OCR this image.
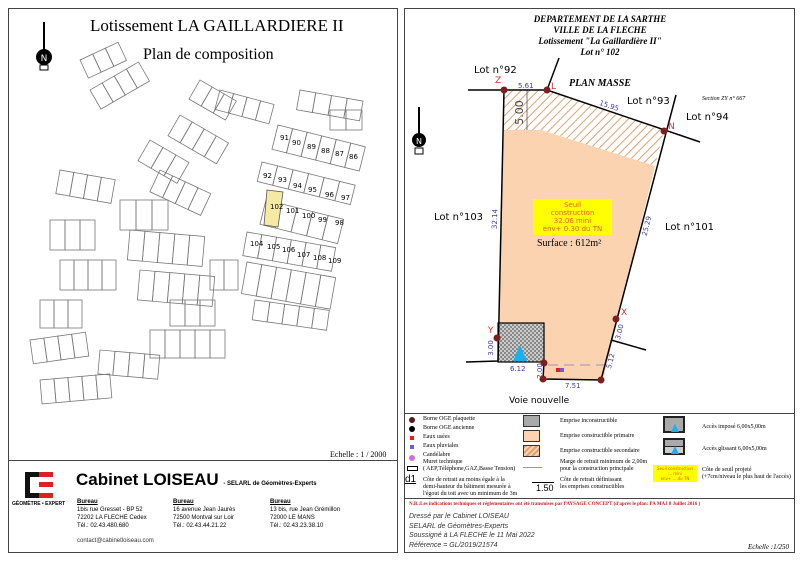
Lotissement LA GAILLARDIERE II
Plan de composition
N
91
90 89 88 87 86
92 93
94 95
96 97
102 101
100 99 98
104 105 106
107 108 109
Echelle : 1 / 2000
GÉOMÈTRE • EXPERT
Cabinet LOISEAU - SELARL de Géomètres-Experts
Bureau
1bis rue Gresset - BP 52
72202 LA FLECHE Cedex
Tél.: 02.43.480.680
Bureau
16 avenue Jean Jaurès
72500 Montval sur Loir
Tél.: 02.43.44.21.22
Bureau
13 bis, rue Jean Grémillon
72000 LE MANS
Tél.: 02.43.23.38.10
contact@cabinetloiseau.com
DEPARTEMENT DE LA SARTHE
VILLE DE LA FLECHE
Lotissement "La Gaillardière II"
Lot n° 102
N
PLAN MASSE
Section ZY n° 667
Lot n°92
Lot n°93
Lot n°94
Lot n°103
Lot n°101
Z
L
N
Y
X
5.61
15.95
5.00
32.14	25.29
3.00
3.00
6.12 2.00
7.51
5.12
Seuil
construction
32.06 mini
env+ 0.30 du TN
Surface : 612m²
Voie nouvelle
Borne OGE plaquette
Borne OGE ancienne
Eaux usées
Eaux pluviales
Candélabre
Muret technique
( AEP,Téléphone,GAZ,Basse Tension)
d1 Côte de retrait au moins égale à la
demi-hauteur du bâtiment mesurée à
l'égout du toit avec un minimum de 3m
Emprise inconstructible
Emprise constructible primaire
Emprise constructible secondaire
Marge de retrait minimum de 2,00m
pour la construction principale
1.50
Côte de retrait définissant
les emprises constructibles
Accès imposé 6,00x5,00m
Accès glissant 6,00x5,00m
Seuil construction
... mini
env+ ... du TN
Côte de seuil projeté
(+7cm/niveau le plus haut de l'accès)
N.B.:Les indications techniques et réglementaires ont été transmises par PAYSAGE CONCEPT (d'après le plan: PA MAJ 8 Juillet 2016 )
Dressé par le Cabinet LOISEAU
SELARL de Géomètres-Experts
Soussigné à LA FLECHE le 11 Mai 2022
Référence = GL/2019/21574	Echelle :1/250
